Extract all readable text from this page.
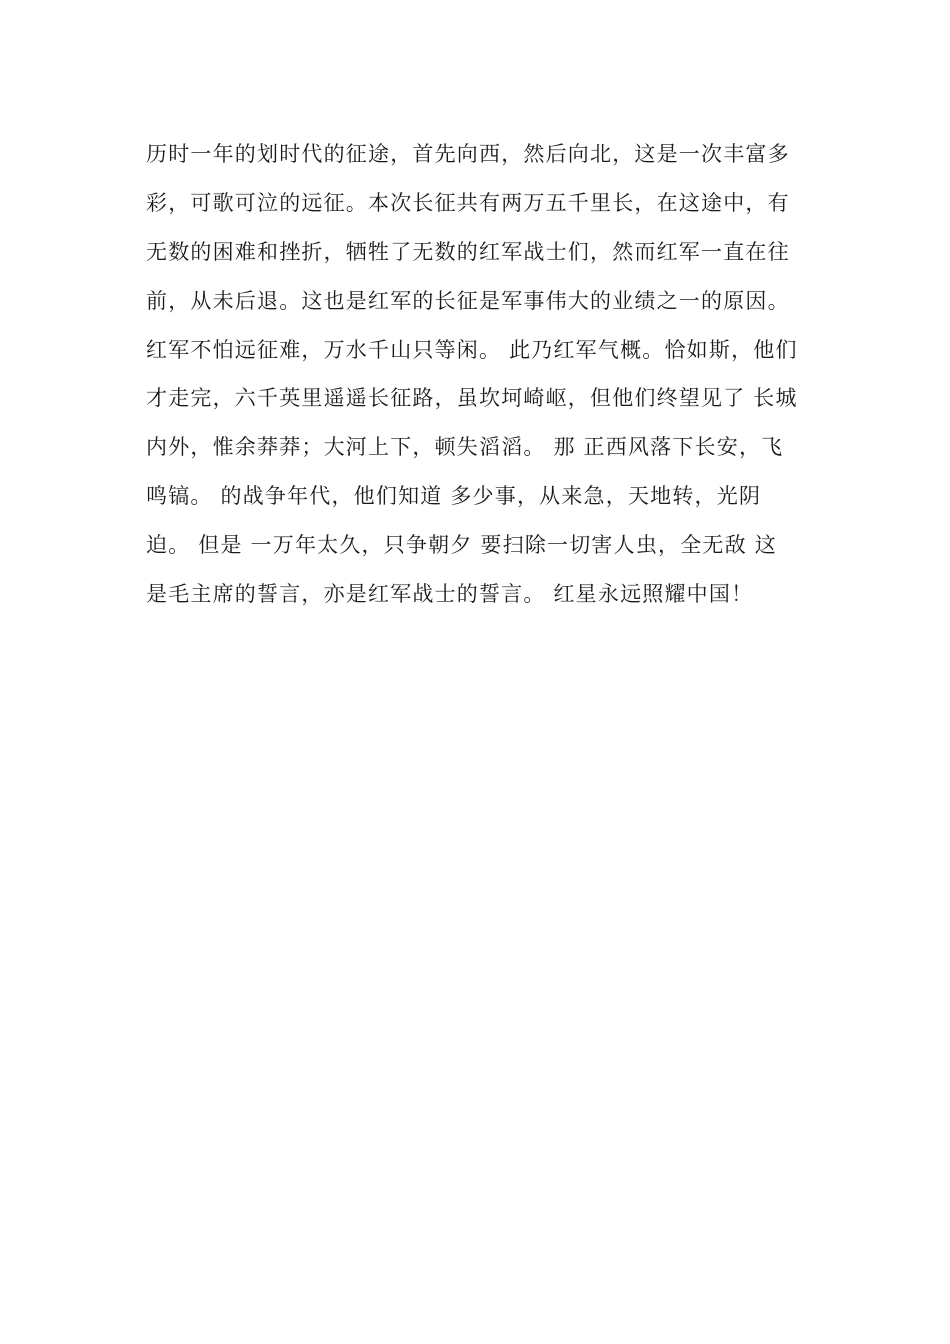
历时一年的划时代的征途，首先向西，然后向北，这是一次丰富多
彩，可歌可泣的远征。本次长征共有两万五千里长，在这途中，有
无数的困难和挫折，牺牲了无数的红军战士们，然而红军一直在往
前，从未后退。这也是红军的长征是军事伟大的业绩之一的原因。
红军不怕远征难，万水千山只等闲。 此乃红军气概。恰如斯，他们
才走完，六千英里遥遥长征路，虽坎坷崎岖，但他们终望见了 长城
内外，惟余莽莽；大河上下，顿失滔滔。 那 正西风落下长安，飞
鸣镐。 的战争年代，他们知道 多少事，从来急，天地转，光阴
迫。 但是 一万年太久，只争朝夕 要扫除一切害人虫，全无敌 这
是毛主席的誓言，亦是红军战士的誓言。 红星永远照耀中国！
